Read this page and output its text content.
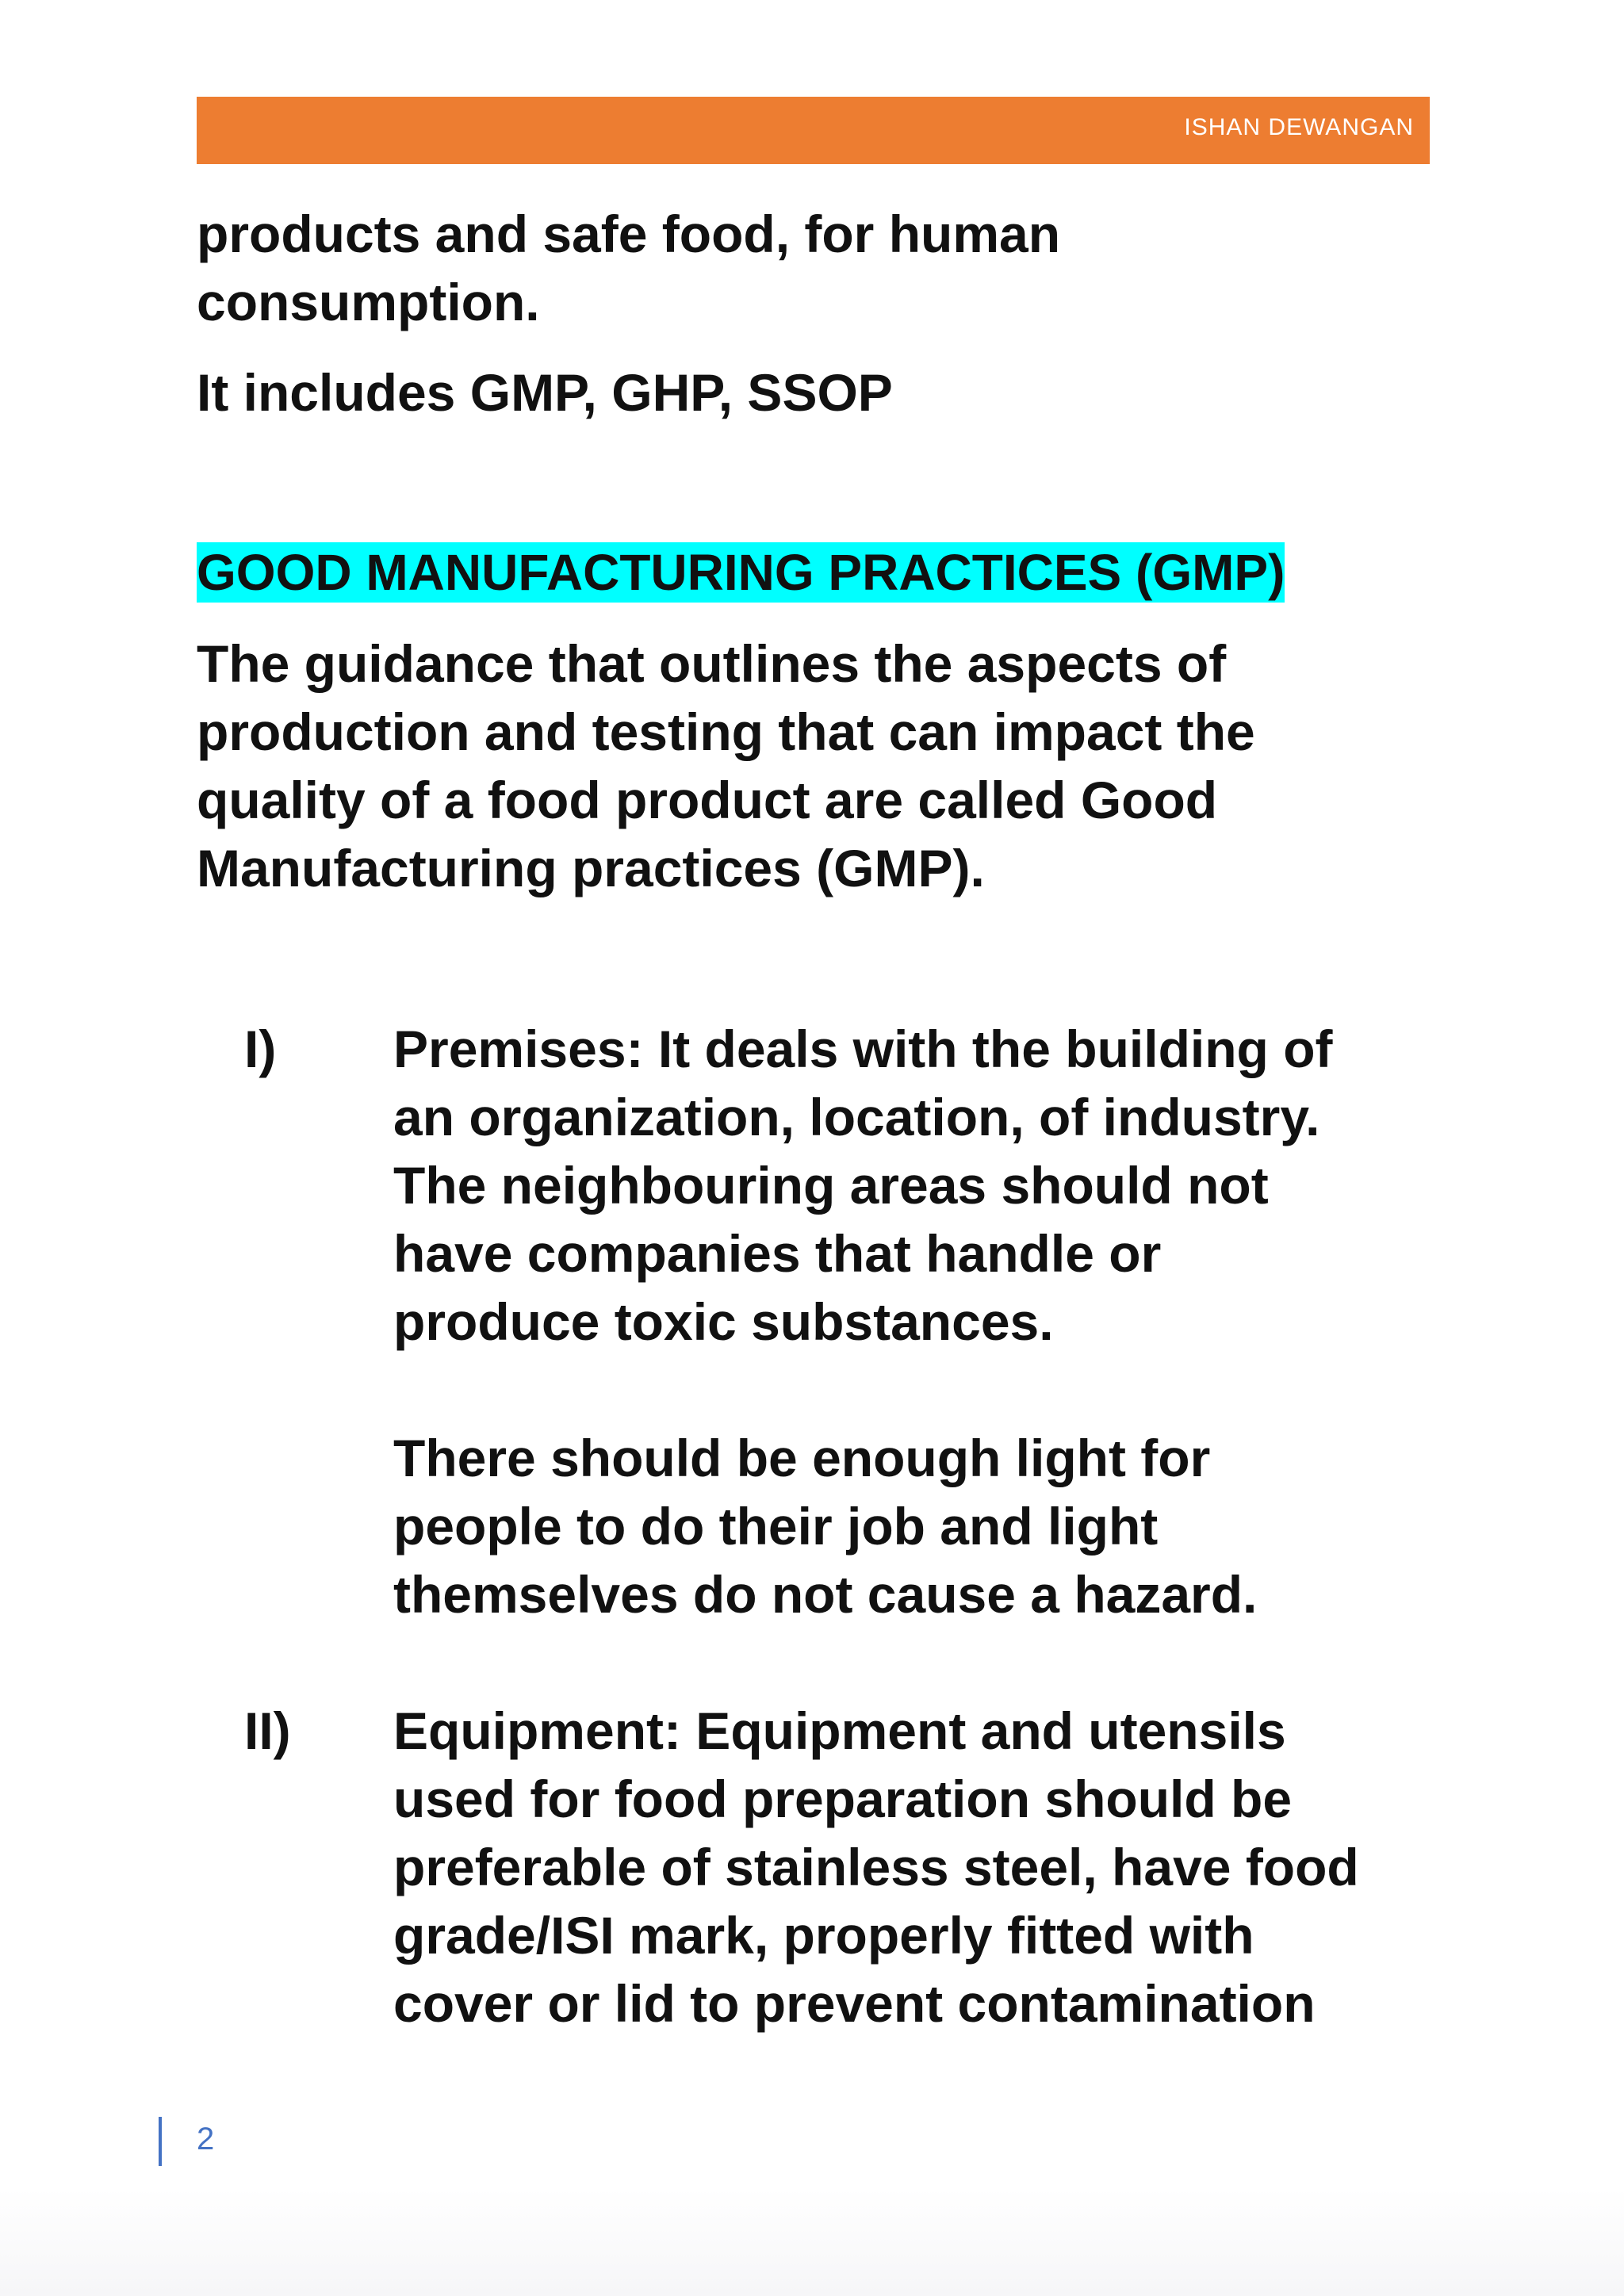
ISHAN DEWANGAN

products and safe food, for human

consumption.

It includes GMP, GHP, SSOP

GOOD MANUFACTURING PRACTICES (GMP)

The guidance that outlines the aspects of

production and testing that can impact the

quality of a food product are called Good

Manufacturing practices (GMP).

I) Premises: It deals with the building of

an organization, location, of industry.

The neighbouring areas should not

have companies that handle or

produce toxic substances.

There should be enough light for

people to do their job and light

themselves do not cause a hazard.

II) Equipment: Equipment and utensils

used for food preparation should be

preferable of stainless steel, have food

grade/ISI mark, properly fitted with

cover or lid to prevent contamination

2
